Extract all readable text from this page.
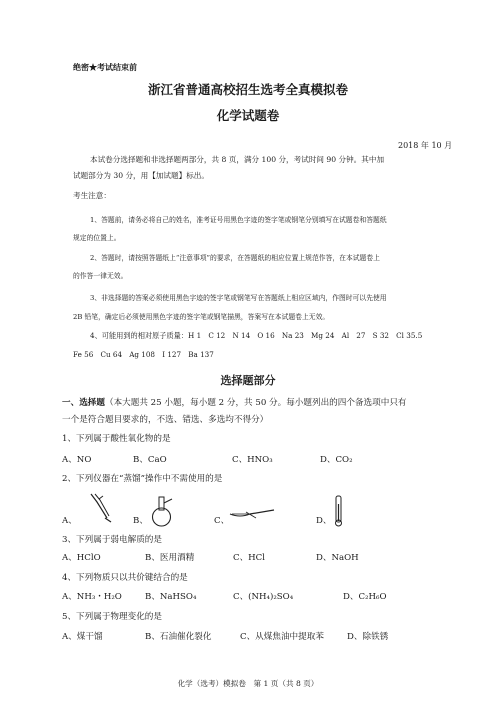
绝密★考试结束前
浙江省普通高校招生选考全真模拟卷
化学试题卷
2018 年 10 月
本试卷分选择题和非选择题两部分，共 8 页，满分 100 分，考试时间 90 分钟。其中加
试题部分为 30 分，用【加试题】标出。
考生注意：
1、答题前，请务必将自己的姓名，准考证号用黑色字迹的签字笔或钢笔分别填写在试题卷和答题纸
规定的位置上。
2、答题时，请按照答题纸上“注意事项”的要求，在答题纸的相应位置上规范作答，在本试题卷上
的作答一律无效。
3、非选择题的答案必须使用黑色字迹的签字笔或钢笔写在答题纸上相应区域内，作图时可以先使用
2B 铅笔，确定后必须使用黑色字迹的签字笔或钢笔描黑，答案写在本试题卷上无效。
4、可能用到的相对原子质量：H 1　C 12　N 14　O 16　Na 23　Mg 24　Al　27　S 32　Cl 35.5
Fe 56　Cu 64　Ag 108　I 127　Ba 137
选择题部分
一、选择题（本大题共 25 小题，每小题 2 分，共 50 分。每小题列出的四个备选项中只有
一个是符合题目要求的，不选、错选、多选均不得分）
1、下列属于酸性氧化物的是
A、NO	B、CaO	C、HNO₃	D、CO₂
2、下列仪器在“蒸馏”操作中不需使用的是
A、	B、	C、	D、
3、下列属于弱电解质的是
A、HClO	B、医用酒精	C、HCl	D、NaOH
4、下列物质只以共价键结合的是
A、NH₃・H₂O	B、NaHSO₄	C、(NH₄)₂SO₄	D、C₂H₆O
5、下列属于物理变化的是
A、煤干馏	B、石油催化裂化	C、从煤焦油中提取苯	D、除铁锈
化学（选考）模拟卷　第 1 页（共 8 页）
